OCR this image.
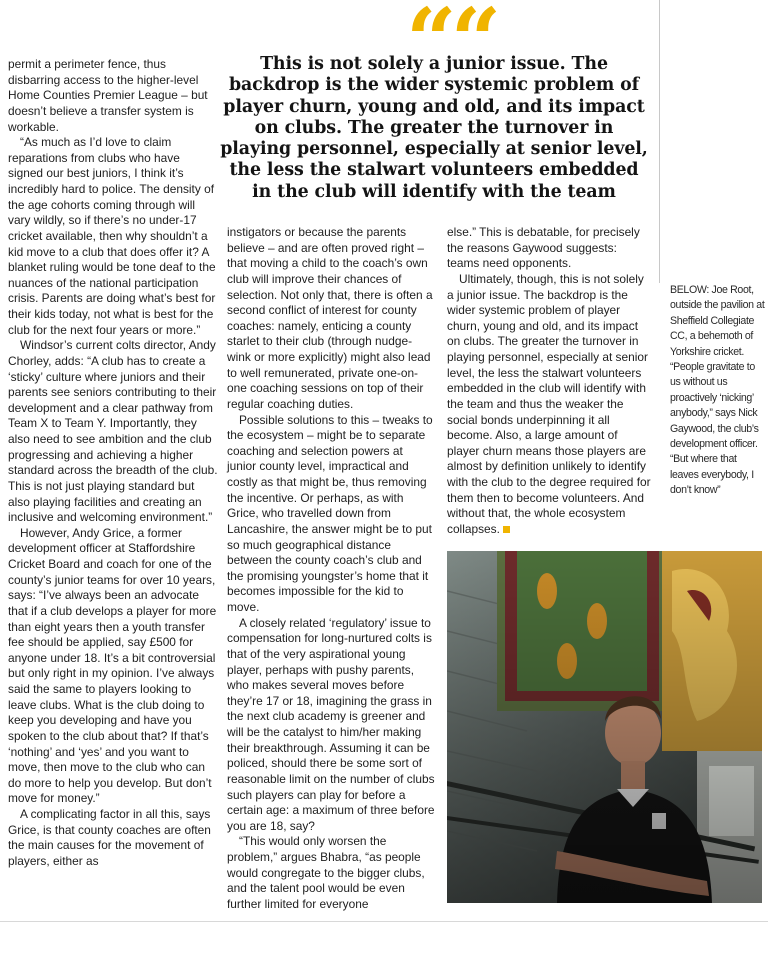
““
This is not solely a junior issue. The backdrop is the wider systemic problem of player churn, young and old, and its impact on clubs. The greater the turnover in playing personnel, especially at senior level, the less the stalwart volunteers embedded in the club will identify with the team

permit a perimeter fence, thus disbarring access to the higher-level Home Counties Premier League – but doesn’t believe a transfer system is workable.

“As much as I’d love to claim reparations from clubs who have signed our best juniors, I think it’s incredibly hard to police. The density of the age cohorts coming through will vary wildly, so if there’s no under-17 cricket available, then why shouldn’t a kid move to a club that does offer it? A blanket ruling would be tone deaf to the nuances of the national participation crisis. Parents are doing what’s best for their kids today, not what is best for the club for the next four years or more.”

Windsor’s current colts director, Andy Chorley, adds: “A club has to create a ‘sticky’ culture where juniors and their parents see seniors contributing to their development and a clear pathway from Team X to Team Y. Importantly, they also need to see ambition and the club progressing and achieving a higher standard across the breadth of the club. This is not just playing standard but also playing facilities and creating an inclusive and welcoming environment.”

However, Andy Grice, a former development officer at Staffordshire Cricket Board and coach for one of the county’s junior teams for over 10 years, says: “I’ve always been an advocate that if a club develops a player for more than eight years then a youth transfer fee should be applied, say £500 for anyone under 18. It’s a bit controversial but only right in my opinion. I’ve always said the same to players looking to leave clubs. What is the club doing to keep you developing and have you spoken to the club about that? If that’s ‘nothing’ and ‘yes’ and you want to move, then move to the club who can do more to help you develop. But don’t move for money.”

A complicating factor in all this, says Grice, is that county coaches are often the main causes for the movement of players, either as

instigators or because the parents believe – and are often proved right – that moving a child to the coach’s own club will improve their chances of selection. Not only that, there is often a second conflict of interest for county coaches: namely, enticing a county starlet to their club (through nudge-wink or more explicitly) might also lead to well remunerated, private one-on-one coaching sessions on top of their regular coaching duties.

Possible solutions to this – tweaks to the ecosystem – might be to separate coaching and selection powers at junior county level, impractical and costly as that might be, thus removing the incentive. Or perhaps, as with Grice, who travelled down from Lancashire, the answer might be to put so much geographical distance between the county coach’s club and the promising youngster’s home that it becomes impossible for the kid to move.

A closely related ‘regulatory’ issue to compensation for long-nurtured colts is that of the very aspirational young player, perhaps with pushy parents, who makes several moves before they’re 17 or 18, imagining the grass in the next club academy is greener and will be the catalyst to him/her making their breakthrough. Assuming it can be policed, should there be some sort of reasonable limit on the number of clubs such players can play for before a certain age: a maximum of three before you are 18, say?

“This would only worsen the problem,” argues Bhabra, “as people would congregate to the bigger clubs, and the talent pool would be even further limited for everyone

else.” This is debatable, for precisely the reasons Gaywood suggests: teams need opponents.

Ultimately, though, this is not solely a junior issue. The backdrop is the wider systemic problem of player churn, young and old, and its impact on clubs. The greater the turnover in playing personnel, especially at senior level, the less the stalwart volunteers embedded in the club will identify with the team and thus the weaker the social bonds underpinning it all become. Also, a large amount of player churn means those players are almost by definition unlikely to identify with the club to the degree required for them then to become volunteers. And without that, the whole ecosystem collapses.

BELOW: Joe Root, outside the pavilion at Sheffield Collegiate CC, a behemoth of Yorkshire cricket. “People gravitate to us without us proactively ‘nicking’ anybody,” says Nick Gaywood, the club’s development officer. “But where that leaves everybody, I don’t know”
